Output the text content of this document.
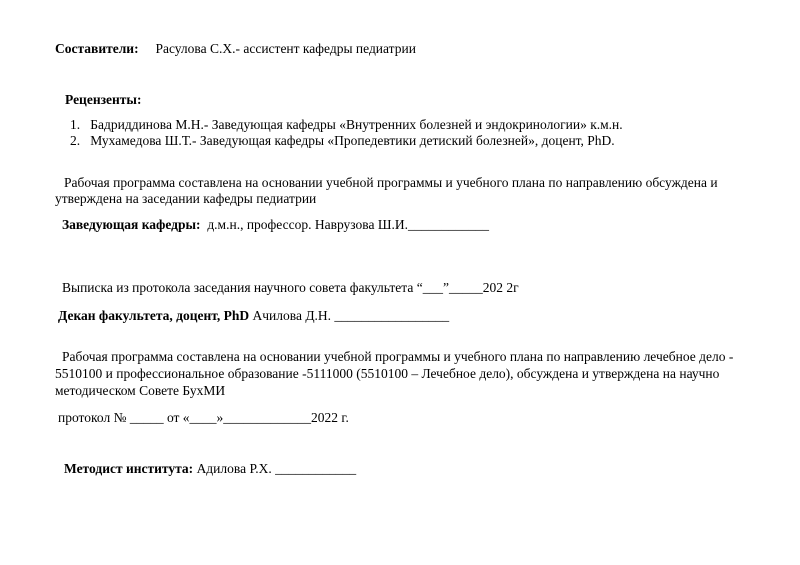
Составители: Расулова С.Х.- ассистент кафедры педиатрии
Рецензенты:
1. Бадриддинова М.Н.- Заведующая кафедры «Внутренних болезней и эндокринологии» к.м.н.
2. Мухамедова Ш.Т.- Заведующая кафедры «Пропедевтики детиский болезней», доцент, PhD.
Рабочая программа составлена на основании учебной программы и учебного плана по направлению обсуждена и
утверждена на заседании кафедры педиатрии
Заведующая кафедры: д.м.н., профессор. Наврузова Ш.И.____________
Выписка из протокола заседания научного совета факультета “___”_____202 2г
Декан факультета, доцент, PhD Ачилова Д.Н. _________________
Рабочая программа составлена на основании учебной программы и учебного плана по направлению лечебное дело -
5510100 и профессиональное образование -5111000 (5510100 – Лечебное дело), обсуждена и утверждена на научно
методическом Совете БухМИ
протокол № _____ от «____»_____________2022 г.
Методист института: Адилова Р.Х. ____________
